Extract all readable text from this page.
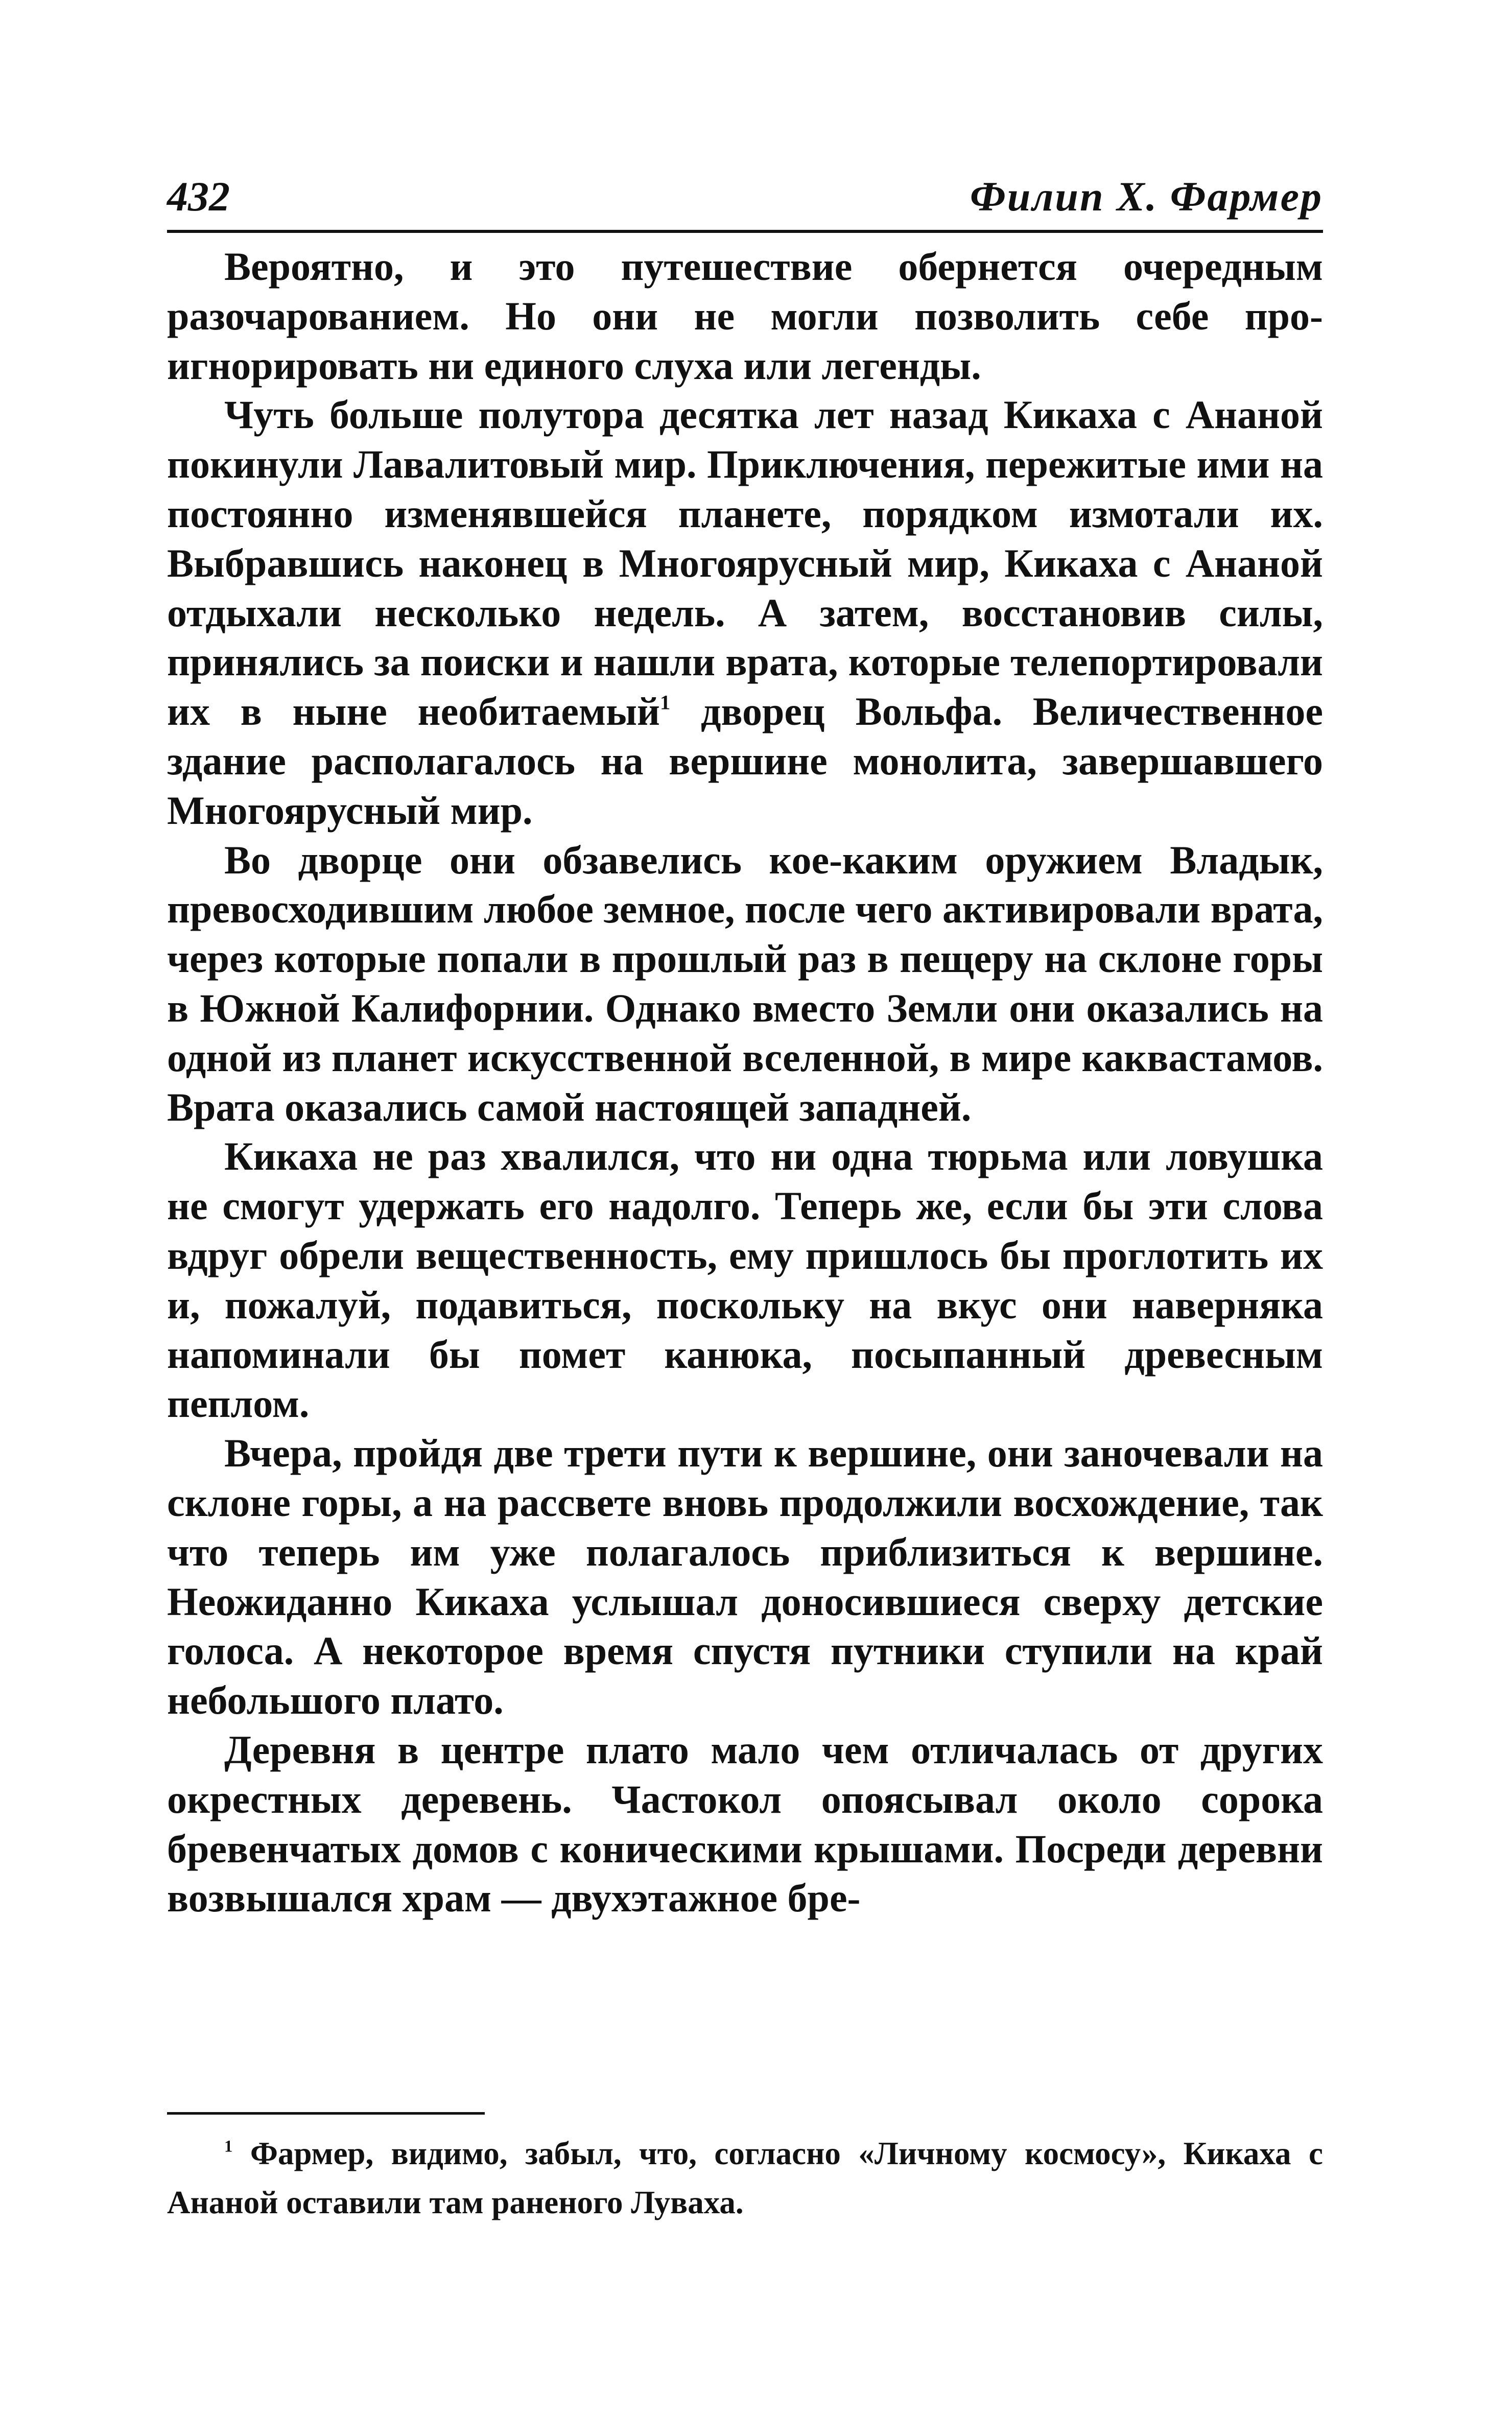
432	Филип Х. Фармер

Вероятно, и это путешествие обернется очередным разочарованием. Но они не могли позволить себе проигнорировать ни единого слуха или легенды.

Чуть больше полутора десятка лет назад Кикаха с Ананой покинули Лавалитовый мир. Приключения, пережитые ими на постоянно изменявшейся планете, порядком измотали их. Выбравшись наконец в Многоярусный мир, Кикаха с Ананой отдыхали несколько недель. А затем, восстановив силы, принялись за поиски и нашли врата, которые телепортировали их в ныне необитаемый$^1$ дворец Вольфа. Величественное здание располагалось на вершине монолита, завершавшего Многоярусный мир.

Во дворце они обзавелись кое-каким оружием Владык, превосходившим любое земное, после чего активировали врата, через которые попали в прошлый раз в пещеру на склоне горы в Южной Калифорнии. Однако вместо Земли они оказались на одной из планет искусственной вселенной, в мире каквастамов. Врата оказались самой настоящей западней.

Кикаха не раз хвалился, что ни одна тюрьма или ловушка не смогут удержать его надолго. Теперь же, если бы эти слова вдруг обрели вещественность, ему пришлось бы проглотить их и, пожалуй, подавиться, поскольку на вкус они наверняка напоминали бы помет канюка, посыпанный древесным пеплом.

Вчера, пройдя две трети пути к вершине, они заночевали на склоне горы, а на рассвете вновь продолжили восхождение, так что теперь им уже полагалось приблизиться к вершине. Неожиданно Кикаха услышал доносившиеся сверху детские голоса. А некоторое время спустя путники ступили на край небольшого плато.

Деревня в центре плато мало чем отличалась от других окрестных деревень. Частокол опоясывал около сорока бревенчатых домов с коническими крышами. Посреди деревни возвышался храм — двухэтажное бре-

$^1$ Фармер, видимо, забыл, что, согласно «Личному космосу», Кикаха с Ананой оставили там раненого Луваха.
